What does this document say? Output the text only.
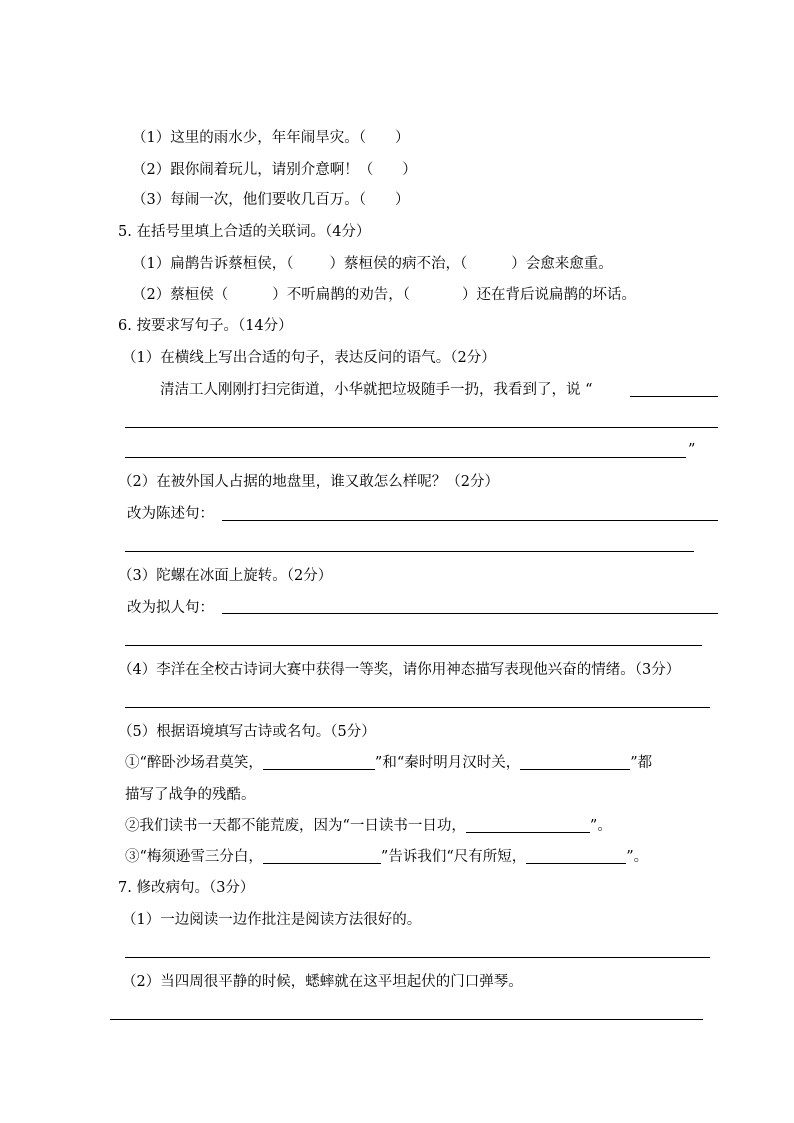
（1）这里的雨水少，年年闹旱灾。（　　）
（2）跟你闹着玩儿，请别介意啊！（　　）
（3）每闹一次，他们要收几百万。（　　）
5. 在括号里填上合适的关联词。（4分）
（1）扁鹊告诉蔡桓侯，（ ）蔡桓侯的病不治，（	）会愈来愈重。
（2）蔡桓侯（	）不听扁鹊的劝告，（	）还在背后说扁鹊的坏话。
6. 按要求写句子。（14分）
（1）在横线上写出合适的句子，表达反问的语气。（2分）
清洁工人刚刚打扫完街道，小华就把垃圾随手一扔，我看到了，说 “
”
（2）在被外国人占据的地盘里，谁又敢怎么样呢？（2分）
改为陈述句：
（3）陀螺在冰面上旋转。（2分）
改为拟人句：
（4）李洋在全校古诗词大赛中获得一等奖，请你用神态描写表现他兴奋的情绪。（3分）
（5）根据语境填写古诗或名句。（5分）
①“醉卧沙场君莫笑，	”和“秦时明月汉时关，	”都
描写了战争的残酷。
②我们读书一天都不能荒废，因为“一日读书一日功，	”。
③“梅须逊雪三分白，	”告诉我们“尺有所短，	”。
7. 修改病句。（3分）
（1）一边阅读一边作批注是阅读方法很好的。
（2）当四周很平静的时候，蟋蟀就在这平坦起伏的门口弹琴。
